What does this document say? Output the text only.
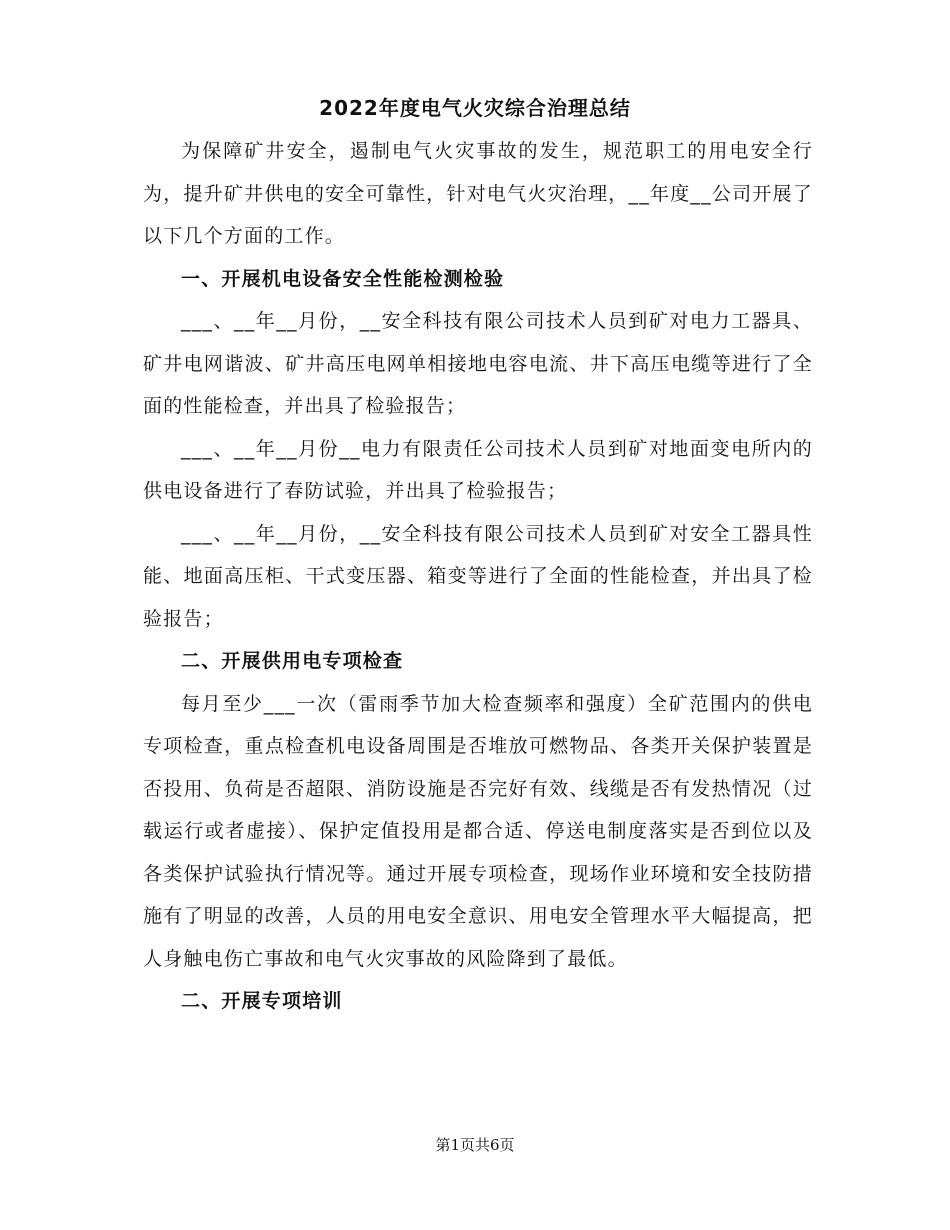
2022年度电气火灾综合治理总结

为保障矿井安全，遏制电气火灾事故的发生，规范职工的用电安全行为，提升矿井供电的安全可靠性，针对电气火灾治理，__年度__公司开展了以下几个方面的工作。

一、开展机电设备安全性能检测检验

___、__年__月份，__安全科技有限公司技术人员到矿对电力工器具、矿井电网谐波、矿井高压电网单相接地电容电流、井下高压电缆等进行了全面的性能检查，并出具了检验报告；

___、__年__月份__电力有限责任公司技术人员到矿对地面变电所内的供电设备进行了春防试验，并出具了检验报告；

___、__年__月份，__安全科技有限公司技术人员到矿对安全工器具性能、地面高压柜、干式变压器、箱变等进行了全面的性能检查，并出具了检验报告；

二、开展供用电专项检查

每月至少___一次（雷雨季节加大检查频率和强度）全矿范围内的供电专项检查，重点检查机电设备周围是否堆放可燃物品、各类开关保护装置是否投用、负荷是否超限、消防设施是否完好有效、线缆是否有发热情况（过载运行或者虚接）、保护定值投用是都合适、停送电制度落实是否到位以及各类保护试验执行情况等。通过开展专项检查，现场作业环境和安全技防措施有了明显的改善，人员的用电安全意识、用电安全管理水平大幅提高，把人身触电伤亡事故和电气火灾事故的风险降到了最低。

二、开展专项培训
第1页共6页
